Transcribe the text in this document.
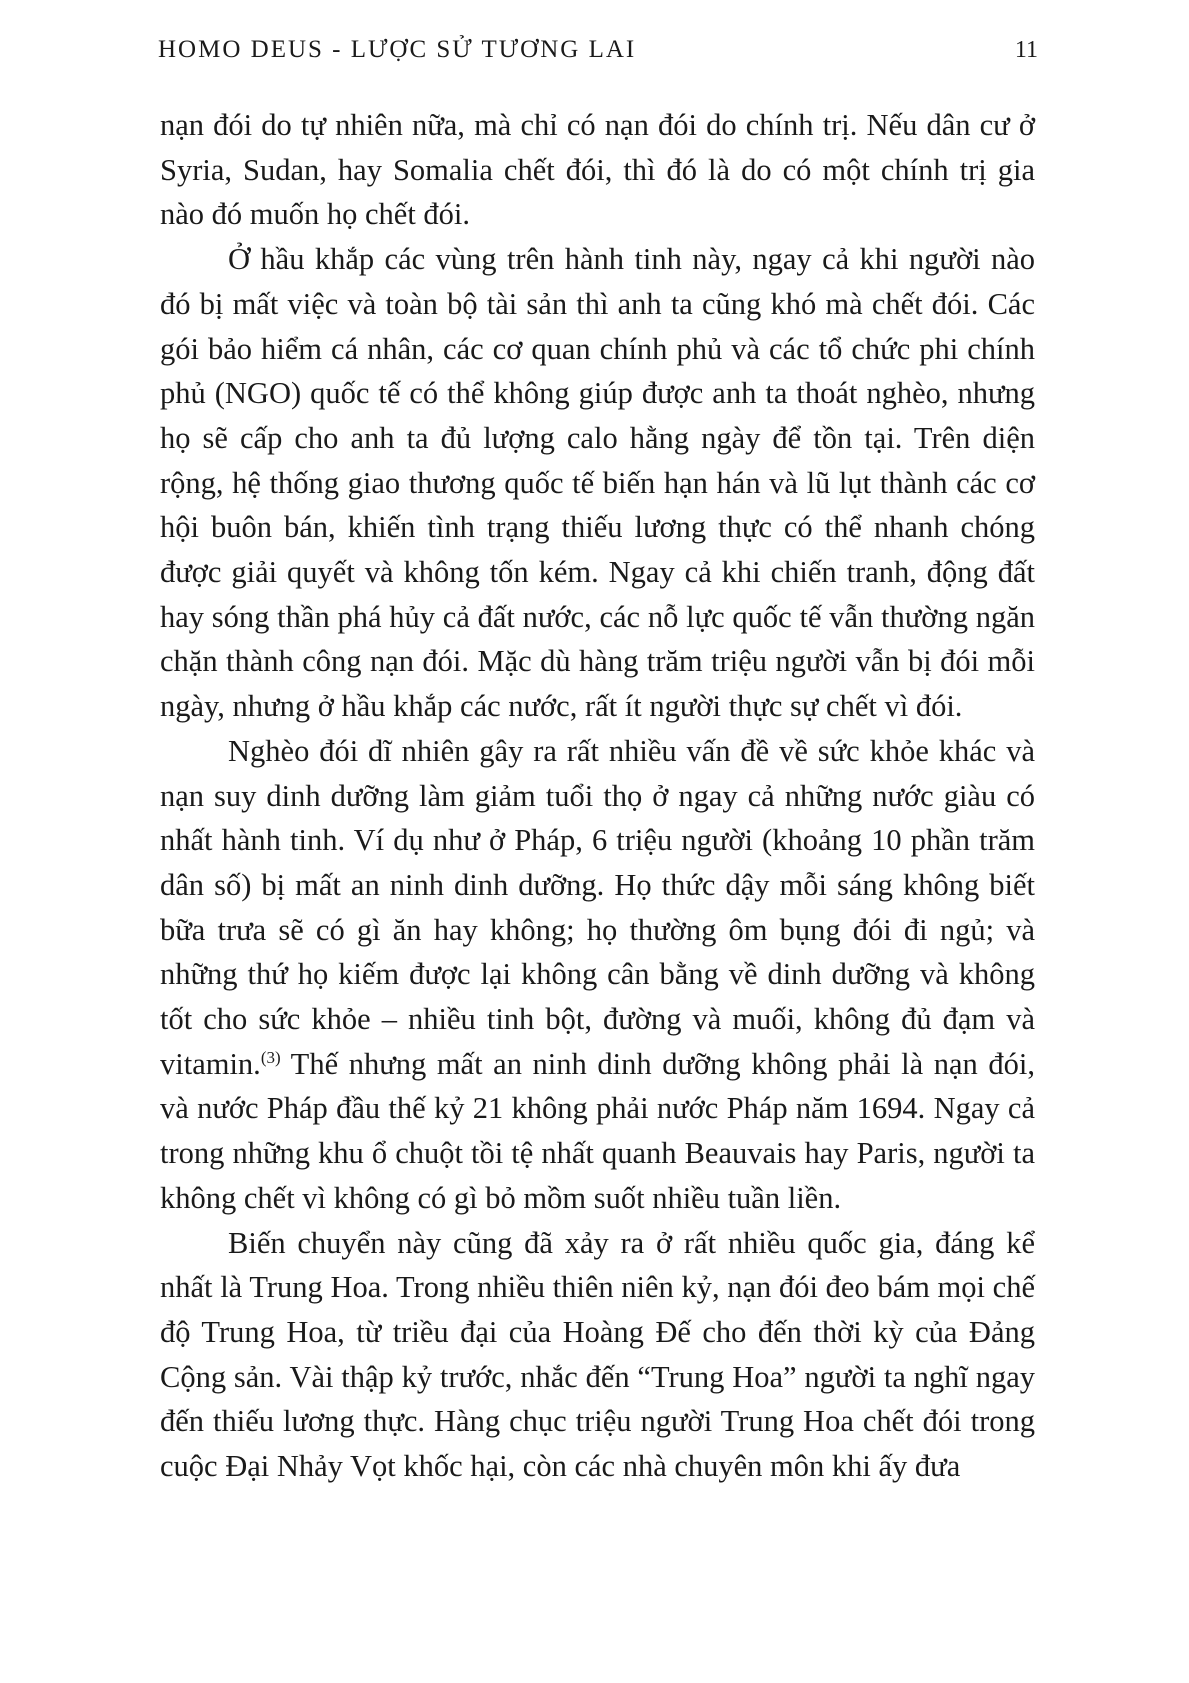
HOMO DEUS - LƯỢC SỬ TƯƠNG LAI	11

nạn đói do tự nhiên nữa, mà chỉ có nạn đói do chính trị. Nếu dân cư ở Syria, Sudan, hay Somalia chết đói, thì đó là do có một chính trị gia nào đó muốn họ chết đói.

Ở hầu khắp các vùng trên hành tinh này, ngay cả khi người nào đó bị mất việc và toàn bộ tài sản thì anh ta cũng khó mà chết đói. Các gói bảo hiểm cá nhân, các cơ quan chính phủ và các tổ chức phi chính phủ (NGO) quốc tế có thể không giúp được anh ta thoát nghèo, nhưng họ sẽ cấp cho anh ta đủ lượng calo hằng ngày để tồn tại. Trên diện rộng, hệ thống giao thương quốc tế biến hạn hán và lũ lụt thành các cơ hội buôn bán, khiến tình trạng thiếu lương thực có thể nhanh chóng được giải quyết và không tốn kém. Ngay cả khi chiến tranh, động đất hay sóng thần phá hủy cả đất nước, các nỗ lực quốc tế vẫn thường ngăn chặn thành công nạn đói. Mặc dù hàng trăm triệu người vẫn bị đói mỗi ngày, nhưng ở hầu khắp các nước, rất ít người thực sự chết vì đói.

Nghèo đói dĩ nhiên gây ra rất nhiều vấn đề về sức khỏe khác và nạn suy dinh dưỡng làm giảm tuổi thọ ở ngay cả những nước giàu có nhất hành tinh. Ví dụ như ở Pháp, 6 triệu người (khoảng 10 phần trăm dân số) bị mất an ninh dinh dưỡng. Họ thức dậy mỗi sáng không biết bữa trưa sẽ có gì ăn hay không; họ thường ôm bụng đói đi ngủ; và những thứ họ kiếm được lại không cân bằng về dinh dưỡng và không tốt cho sức khỏe – nhiều tinh bột, đường và muối, không đủ đạm và vitamin.$^{(3)}$ Thế nhưng mất an ninh dinh dưỡng không phải là nạn đói, và nước Pháp đầu thế kỷ 21 không phải nước Pháp năm 1694. Ngay cả trong những khu ổ chuột tồi tệ nhất quanh Beauvais hay Paris, người ta không chết vì không có gì bỏ mồm suốt nhiều tuần liền.

Biến chuyển này cũng đã xảy ra ở rất nhiều quốc gia, đáng kể nhất là Trung Hoa. Trong nhiều thiên niên kỷ, nạn đói đeo bám mọi chế độ Trung Hoa, từ triều đại của Hoàng Đế cho đến thời kỳ của Đảng Cộng sản. Vài thập kỷ trước, nhắc đến “Trung Hoa” người ta nghĩ ngay đến thiếu lương thực. Hàng chục triệu người Trung Hoa chết đói trong cuộc Đại Nhảy Vọt khốc hại, còn các nhà chuyên môn khi ấy đưa
